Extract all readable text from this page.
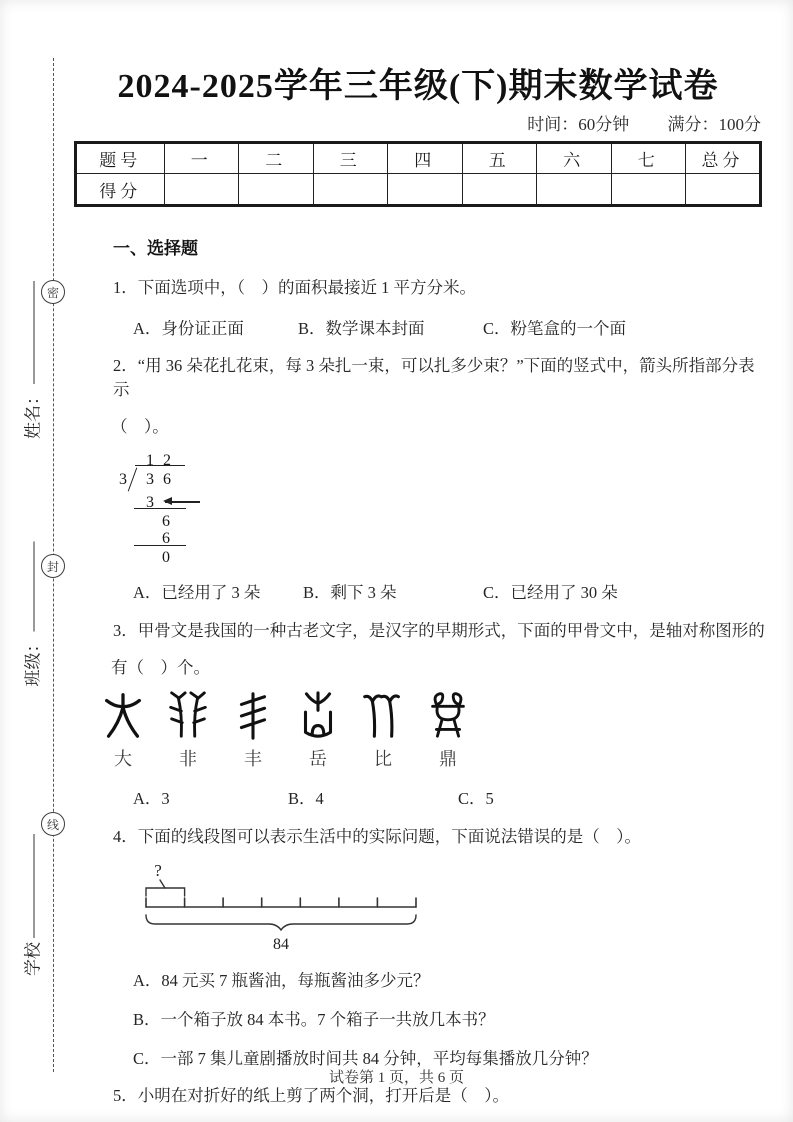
密
封
线
姓名：
班级：
学校
2024-2025学年三年级(下)期末数学试卷
时间：60分钟 满分：100分
题号	一	二	三	四	五	六	七	总分
得分								
一、选择题
1．下面选项中，（　）的面积最接近 1 平方分米。
A．身份证正面	B．数学课本封面	C．粉笔盒的一个面
2．“用 36 朵花扎花束，每 3 朵扎一束，可以扎多少束？”下面的竖式中，箭头所指部分表示
（　）。
12
3 36
3
6
6
0
A．已经用了 3 朵	B．剩下 3 朵	C．已经用了 30 朵
3．甲骨文是我国的一种古老文字，是汉字的早期形式，下面的甲骨文中，是轴对称图形的
有（　）个。
大	非	丰	岳	比	鼎
A．3	B．4	C．5
4．下面的线段图可以表示生活中的实际问题，下面说法错误的是（　）。
?
84
A．84 元买 7 瓶酱油，每瓶酱油多少元？
B．一个箱子放 84 本书。7 个箱子一共放几本书？
C．一部 7 集儿童剧播放时间共 84 分钟，平均每集播放几分钟？
5．小明在对折好的纸上剪了两个洞，打开后是（　）。
试卷第 1 页，共 6 页
